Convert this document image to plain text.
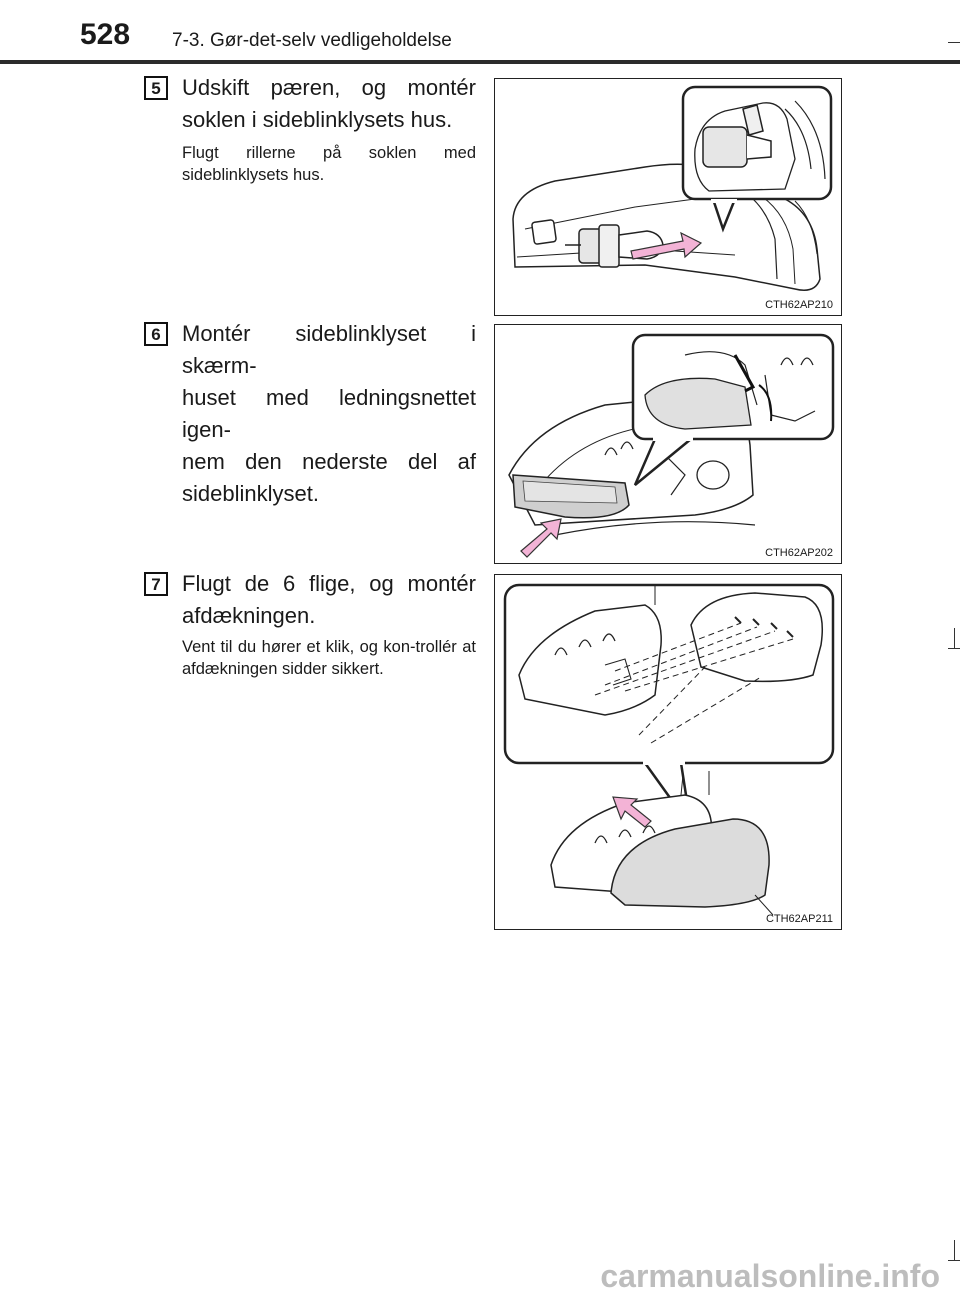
528 7-3. Gør-det-selv vedligeholdelse
5 Udskift pæren, og montér
soklen i sideblinklysets hus.
Flugt rillerne på soklen med sideblinklysets hus.
CTH62AP210
6 Montér sideblinklyset i skærm-
huset med ledningsnettet igen-
nem den nederste del af
sideblinklyset.
CTH62AP202
7 Flugt de 6 flige, og montér
afdækningen.
Vent til du hører et klik, og kon-trollér at afdækningen sidder sikkert.
CTH62AP211
carmanualsonline.info
